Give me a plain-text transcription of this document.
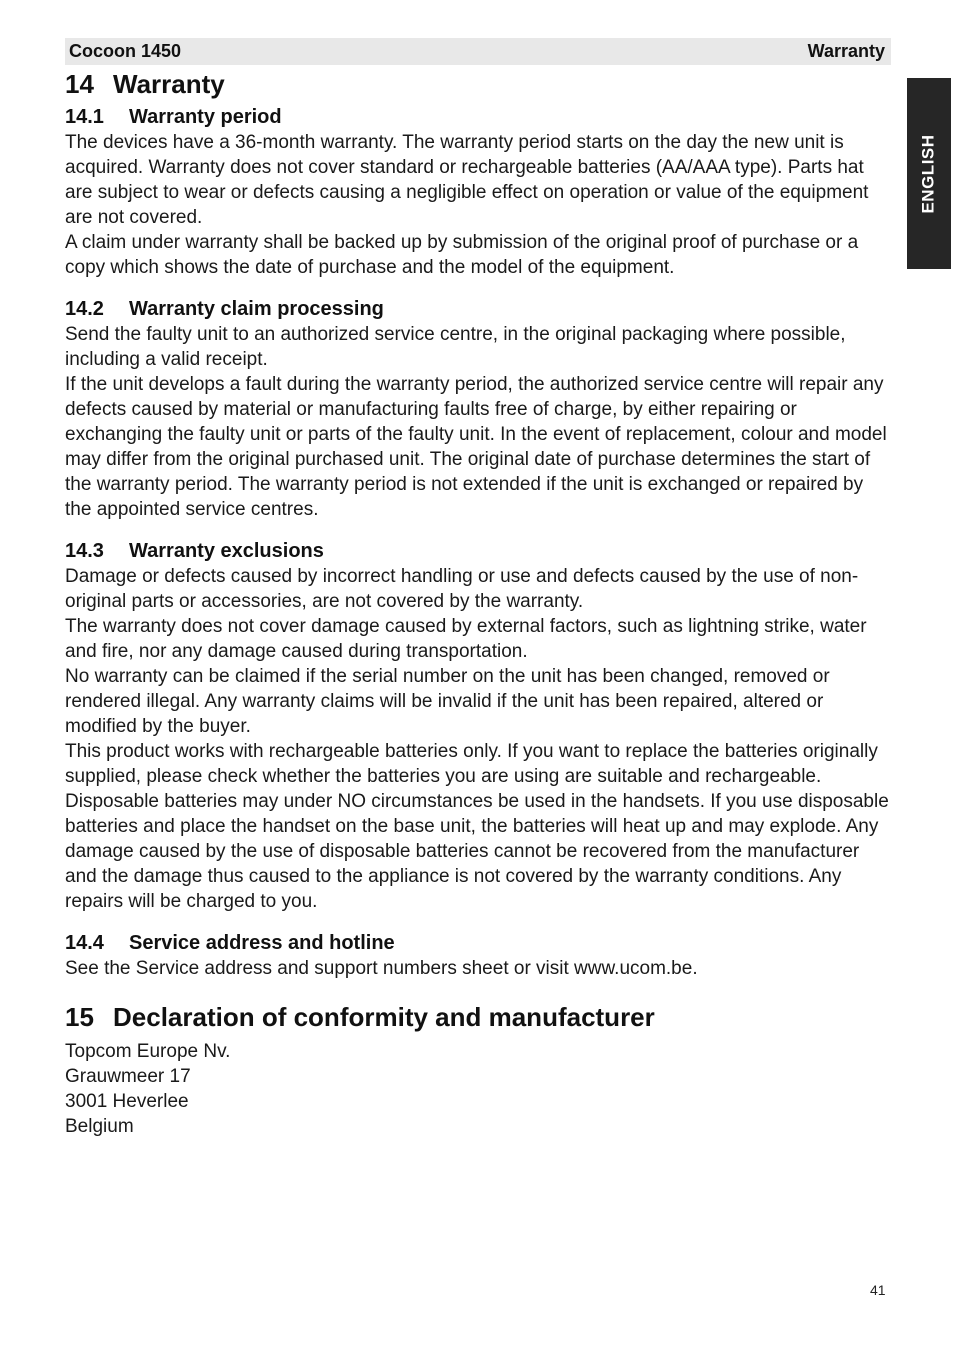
Cocoon 1450	Warranty
ENGLISH
14 Warranty
14.1 Warranty period

The devices have a 36-month warranty. The warranty period starts on the day the new unit is acquired. Warranty does not cover standard or rechargeable batteries (AA/AAA type). Parts hat are subject to wear or defects causing a negligible effect on operation or value of the equipment are not covered.

A claim under warranty shall be backed up by submission of the original proof of purchase or a copy which shows the date of purchase and the model of the equipment.

14.2 Warranty claim processing

Send the faulty unit to an authorized service centre, in the original packaging where possible, including a valid receipt.

If the unit develops a fault during the warranty period, the authorized service centre will repair any defects caused by material or manufacturing faults free of charge, by either repairing or exchanging the faulty unit or parts of the faulty unit. In the event of replacement, colour and model may differ from the original purchased unit. The original date of purchase determines the start of the warranty period. The warranty period is not extended if the unit is exchanged or repaired by the appointed service centres.

14.3 Warranty exclusions

Damage or defects caused by incorrect handling or use and defects caused by the use of non-original parts or accessories, are not covered by the warranty.

The warranty does not cover damage caused by external factors, such as lightning strike, water and fire, nor any damage caused during transportation.

No warranty can be claimed if the serial number on the unit has been changed, removed or rendered illegal. Any warranty claims will be invalid if the unit has been repaired, altered or modified by the buyer.

This product works with rechargeable batteries only. If you want to replace the batteries originally supplied, please check whether the batteries you are using are suitable and rechargeable. Disposable batteries may under NO circumstances be used in the handsets. If you use disposable batteries and place the handset on the base unit, the batteries will heat up and may explode. Any damage caused by the use of disposable batteries cannot be recovered from the manufacturer and the damage thus caused to the appliance is not covered by the warranty conditions. Any repairs will be charged to you.

14.4 Service address and hotline

See the Service address and support numbers sheet or visit www.ucom.be.

15 Declaration of conformity and manufacturer

Topcom Europe Nv.

Grauwmeer 17

3001 Heverlee

Belgium

41
